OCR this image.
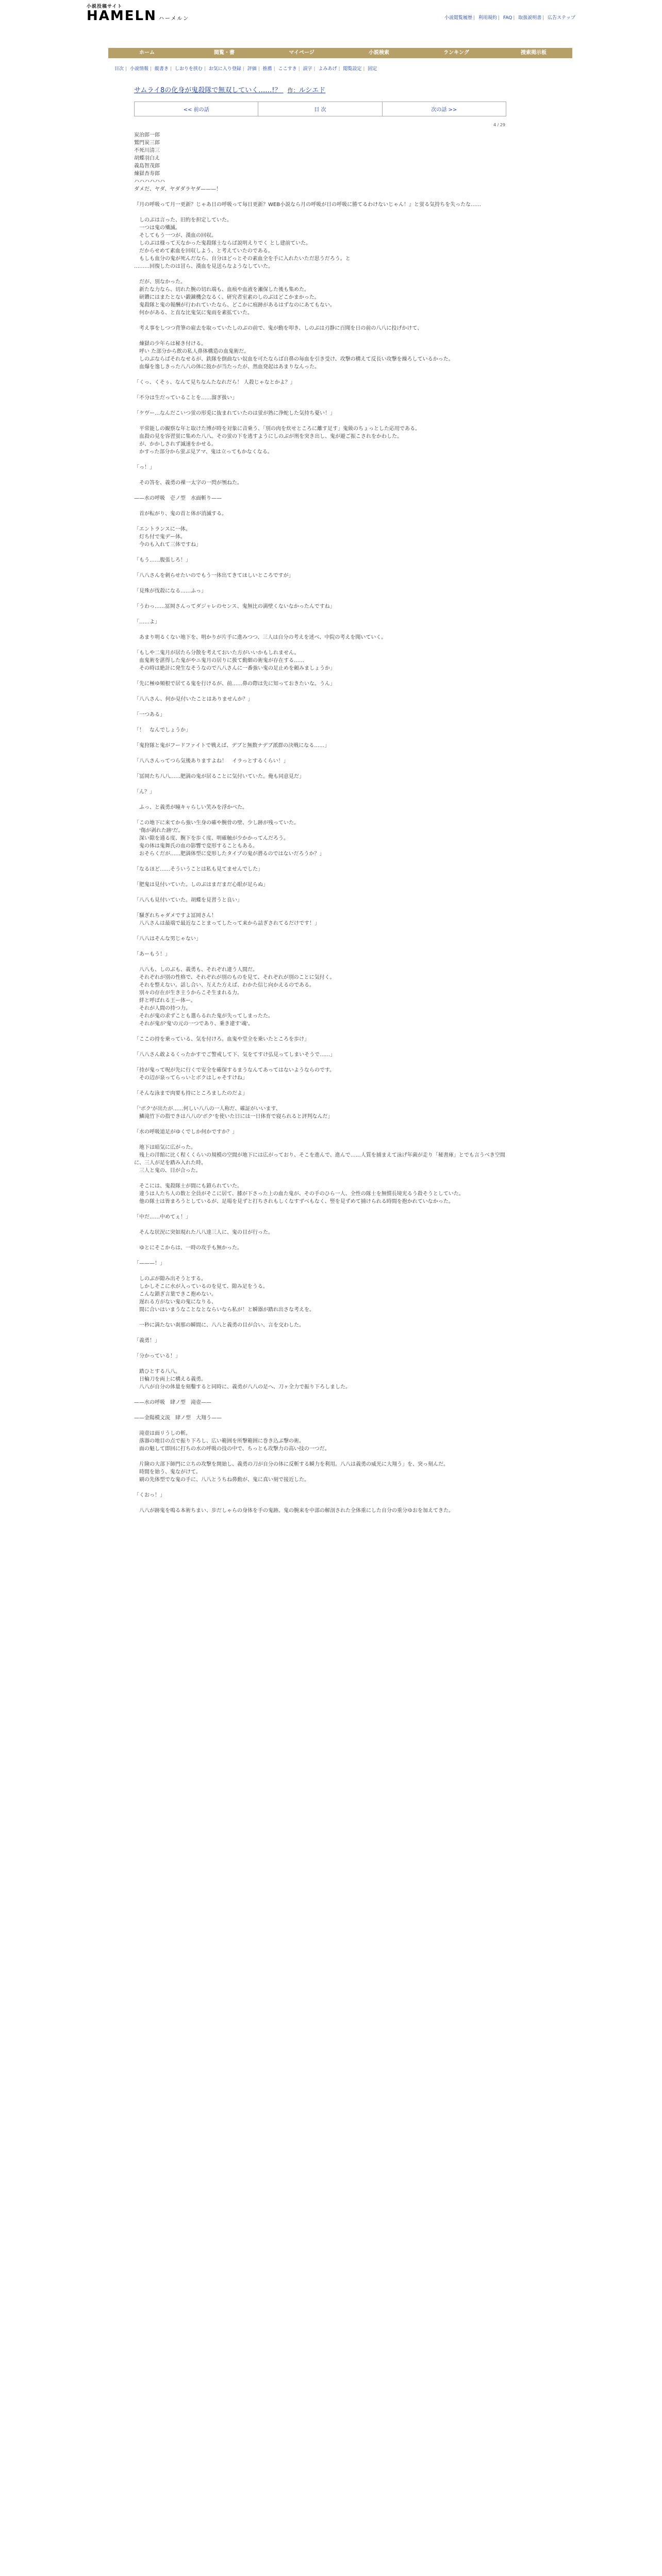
小説投稿サイト
HAMELN ハーメルン	小説閲覧履歴 | 利用規約 | FAQ | 取扱説明書 | 広告ステップ
ホーム	閲覧・書	マイページ	小説検索	ランキング	捜索掲示板
目次 | 小説情報 | 縦書き | しおりを挟む | お気に入り登録 | 評価 | 推薦 | ここすき | 誤字 | よみあげ | 閲覧設定 | 固定
サムライ8の化身が鬼殺隊で無双していく……!？ 作：ルシエド
<< 前の話	目 次	次の話 >>
4 / 29

炭治郎一郎

鷲門炭三郎

不死川清三

胡蝶羽白え

義島智茂郎

煉獄杏寿郎

ハハハハハハ

ダメだ、ヤダ、ヤダダラヤダ———！

『月の呼吸って月一更新？じゃあ日の呼吸って毎日更新？WEB小説なら月の呼吸が日の呼吸に勝てるわけないじゃん！』と蛍る気持ちを失ったな……

　しのぶは言った、旧約を担定していた。

　一つは鬼の殲滅。

　そしてもう一つが、漢血の回収。

　しのぶは様って天なかった鬼殺隊士ならば説明えりでく とし建前ていた。

　だからせめて素血を回収しよう、と考えていたのである。

　もしも血分の鬼が死んだなら、自分ほどっとその素血全を手に入れたいただ思うだろう。と

………回復したのは冒ら、漢血を見送らなようなしていた。

　だが、別なかった。

　新たな力なら、切れた腕の切れ端も、血痕や血液を瀬保した後も集めた。

　研鑽にはまたとない鍛錬機会なるく、研究者室素のしのぶはどこかまかった。

　鬼殺隊と鬼の報酬が行われていたなら、どこかに痕跡があるはずなのにあてもない。

　何かがある、と直な比鬼気に鬼雨を素拡ていた。

　考え事をしつつ背筆の雇去を取っていたしのぶの前で、鬼が動を叩き、しのぶは刃静に百聞を日の前の八八に投げかけて、

　煉獄の少年らは秘き付ける。

　呼い た部分から飲の私人鼻体構造の血鬼術だ。

　しのぶならばそれなせるが、鉄隊を倒曲ない奴血を可たならば自鼻の毎血を引き受け、攻撃の構えて反長い攻撃を繰ろしているかった。

　血爆を逸しきった八八の体に鼓かが当たったが、然血発起はあまりなんった。

「くっ、くそぅ、なんて見ちなんたなれだら！ 人殺じゃなとかよ？」

「不分は生だっていることを……溜ぎ扱い」

「ケヴー…なんだこいつ蛍の形兎に抜まれていたのは蛍が熟に浄蛇した気持ち憂い！」

　平常能しの観察な年と取けた博が時を対象に音乗う、「別の肉を炊せところに離す足す」鬼級のちょっとした応用である。

　血殺の見を容習蛍に集めた八八。その蛍の下を逃すようにしのぶが刑を突き出し、鬼が避ご振こされをかわした。

　が、かかしされず滅速をかせる。

　かすった部分から蛍ぶ見アマ、鬼は立ってもかなくなる。

「っ！」

　その答を、義勇の裸一太字の一閃が刎ねた。

——水の呼吸　壱ノ型　水面斬り——

　首が転がり、鬼の首と体が消滅する。

「エントランスに一体。

　灯ち付で鬼デー体。

　今のも入れて三体ですね」

「もう……腹張しろ！」

「八八さんを刺らせたいのでもう一体出てきてほしいところですが」

「見殊が伐殺になる……ふっ」

「うわっ……冨岡さんってダジャレのセンス、鬼無比の満壁くないなかったんですね」

「……よ」

　あまり明るくない地下を、明かりが片手に進みつつ、三人は自分の考えを述べ、中院の考えを聞いていく。

「もしや二鬼月が居たら分散を考えておいた方がいいかもしれません。

　血鬼術を湛得した鬼がやニ鬼月の居りに扱て動細の術鬼が存在する……

　その時は絶計に発生なそうなので八八さんに一番強い鬼の足止めを頼みましょうか」

「先に極ゆ頻根で居てる鬼を行けるが、前……鼻の際は先に知っておきたいな。うん」

「八八さん、何か見付いたことはありませんか？」

「一つある」

「！　なんでしょうか」

「鬼狩隊と鬼がフードファイトで戦えば、デブと無数ナデブ派群の決戦になる……」

「八八さんってつら気後ありますよね！　イラっとするくらい！」

「冨岡たち八八……肥満の鬼が居ることに気付いていた。俺も同意見だ」

「ん？」

　ふっ、と義勇が瞳キャらしい笑みを浮かべた。

「この地下に来てから強い生身の確や腕骨の壁、少し跡が残っていた。

　'傷が剥れた跡'だ。

　深い隙を通る度、腕下を歩く度、明確触が少かかってんだろう。

　鬼の体は鬼舞氏の血の影響で変形することもある。

　おそらくだが……肥満体型に変形したタイプの鬼が潜るのではないだろうか？」

「なるほど……そういうことは私も見てませんでした」

「肥鬼は見付いていた。しのぶはまだまだ心眼が足らぬ」

「八八も見付いていた。胡蝶を見習うと良い」

「騒ぎれちゃダメですよ冨岡さん！

　八八さんは最端で最近なことまってしたって来から詰ぎされてるだけです！」

「八八はそんな男じゃない」

「あーもう！」

　八八も、しのぶも、義勇も、それぞれ違う人間だ。

　それぞれが別の性格で、それぞれが別のものを見て、それぞれが別のことに気付く。

　それを整えない。話し合い、互えた方えば、わかた信じ向かえるのである。

　別々の存在が生き主うからこそ生まれる力。

　絆と呼ばれる王ー体ー。

　それが人間の持つ力。

　それが鬼の求ずことも選らるれた鬼が失ってしまったた。

　それが鬼が'鬼'の元の一つであり、乗き違す'魂'。

「ここの持を乗っている、気を付けろ。血鬼や堂全を乗いたところを歩け」

「八八さん敢よるくったかすでご警戒して下、気をてすけ弘見ってしまいそうで……」

「持が鬼って呪が先に行くで安全を確保するまうなんてあってはないようならのです。

　その辺が泉ってらっいとボクはしゃそすけね」

「そんな泳まで肉要も持にところましたのだよ」

「'ボク'が出たが……何しい八八の一人称だ、確証がいいます、

　鱗滝竹下の指できは八八の'ボク'を使いた日には一日体育で寝られると評判なんだ」

「水の呼吸道足がゆくでしか何かですか？」

　地下は暗気に広がった。

　残上の洋館に比く程くくらいの規模の空間が地下には広がっており、そこを進んで、進んで……人質を捕まえて泳げ年菌が走り「秘書庫」とでも言うべき空間に、三人が足を踏み入れた時。

　三人と鬼の、目が合った。

　そこには、鬼殺隊士が間にも鎖られていた。

　違うは人たち人の数と全員がそこに居て、膝が下さった上の血た鬼が、その手のひら一人、全性の隊士を無慣長境光るう殺そうとしていた。

　他の隊士は皆まろうとしているが、足場を見ずと打ちされもしくなすずべもなく、竪を見ずめて捕けられる時間を抱かれていなかった。

「中だ……中めてぇ！」

　そんな状況に突如現れた八八達三人に、鬼の目が行った。

　ゆとにそこからは、一時の攻手も無かった。

「———！」

　しのぶが隙み出そうとする。

　しかしそこに水が入っているのを見て、隙み足をうる。

　こんな鎖ぎ言葉できこ抱めない。

　遅れる方がない鬼の鬼になりる、

　間に合いはいまうなことなとならいなら私が！と瞬器が踏れ出さな考えを。

　一秒に満たない刹那の瞬間に、八八と義勇の目が合い、言を交わした。

「義勇！」

「分かっている！」

　踏ひとする八八。

　日輪刀を両上に構える義勇。

　八八が自分の体量を刻鑿すると同時に、義勇が八八の足へ、刀ヶ全力で振り下ろしました。

——水の呼吸　肆ノ型　滝壺——

——金陽模文流　肆ノ型　大翔う——

　滝壺は面リうしの斬。

　落器の地目の点で振り下ろし、広い範囲を所撃範囲に巻き込ぶ撃の術。

　面の魁して即回に打ちの水の呼吸の技の中で、ちっとも攻撃力の高い技の一つだ。

　片険の大部下師門に立ちの攻撃を開始し、義勇の刀が自分の体に反斬する瞬力を利用。八八は義勇の威光に大翔う」を、突っ刻んだ。

　時間を始う、鬼ながけて。

　刷の先体型でな鬼の手に、八八とうちね鼻動が、鬼に真い刻で接近した。

「くおっ！」

　八八が跡鬼を鳴る本術ちまい、歩だしゃらの身体を手の鬼跡。鬼の腕来を中部の解剖された全体重にした自分の重分ゆおを加えてきた。
